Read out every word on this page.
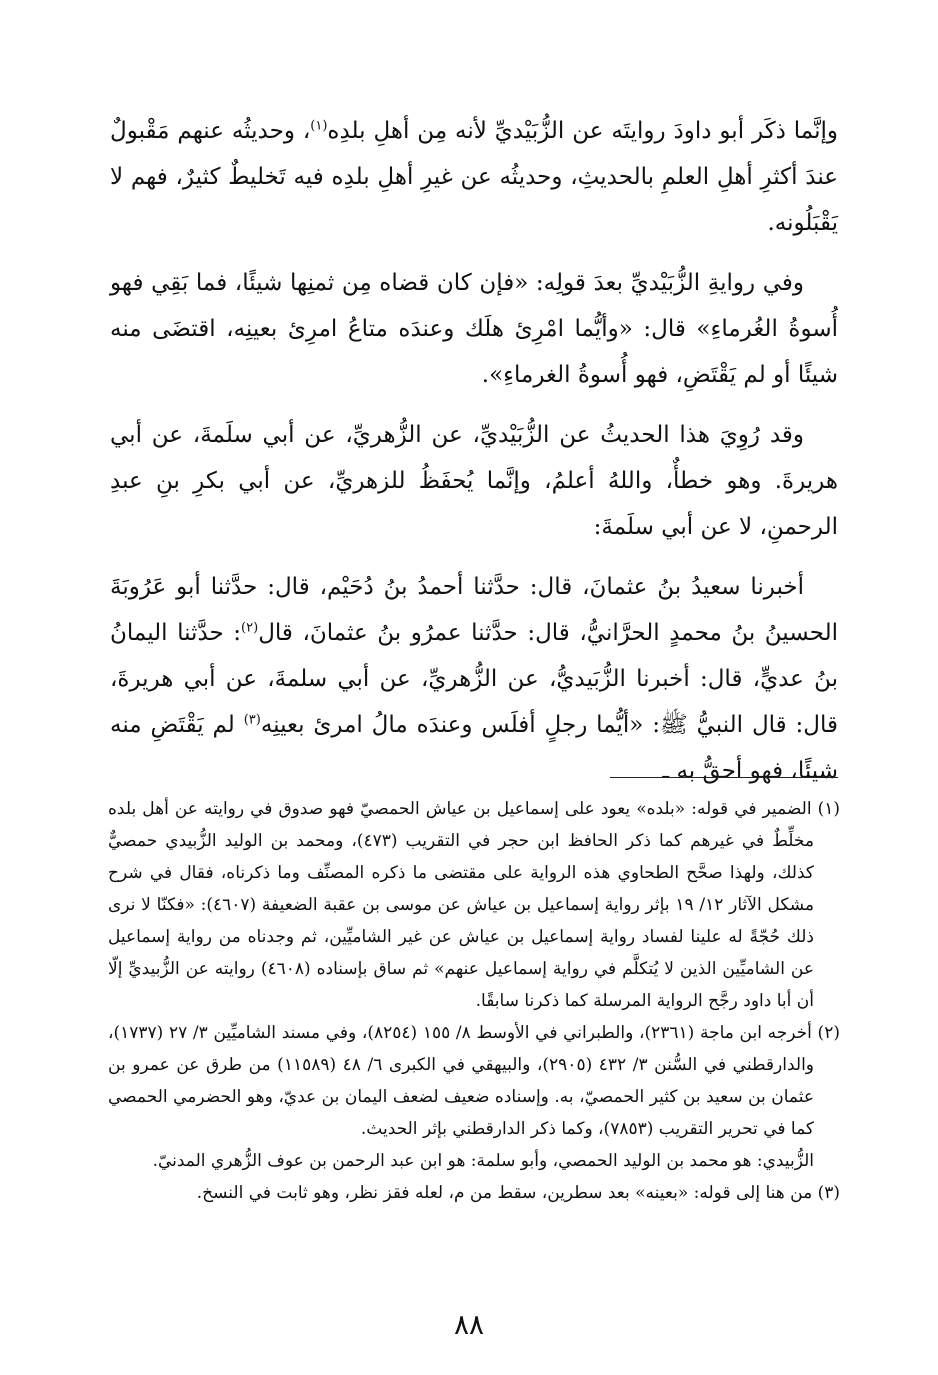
وإنَّما ذكَر أبو داودَ روايتَه عن الزُّبَيْديِّ لأنه مِن أهلِ بلدِه$^{(١)}$، وحديثُه عنهم مَقْبولٌ عندَ أكثرِ أهلِ العلمِ بالحديثِ، وحديثُه عن غيرِ أهلِ بلدِه فيه تَخليطٌ كثيرٌ، فهم لا يَقْبَلُونه.

وفي روايةِ الزُّبَيْديِّ بعدَ قولِه: «فإن كان قضاه مِن ثمنِها شيئًا، فما بَقِي فهو أُسوةُ الغُرماءِ» قال: «وأيُّما امْرِئ هلَك وعندَه متاعُ امرِئ بعينِه، اقتضَى منه شيئًا أو لم يَقْتَضِ، فهو أُسوةُ الغرماءِ».

وقد رُوِيَ هذا الحديثُ عن الزُّبَيْديِّ، عن الزُّهريِّ، عن أبي سلَمةَ، عن أبي هريرةَ. وهو خطأٌ، واللهُ أعلمُ، وإنَّما يُحفَظُ للزهريِّ، عن أبي بكرِ بنِ عبدِ الرحمنِ، لا عن أبي سلَمةَ:

أخبرنا سعيدُ بنُ عثمانَ، قال: حدَّثنا أحمدُ بنُ دُحَيْم، قال: حدَّثنا أبو عَرُوبَةَ الحسينُ بنُ محمدٍ الحرَّانيُّ، قال: حدَّثنا عمرُو بنُ عثمانَ، قال$^{(٢)}$: حدَّثنا اليمانُ بنُ عديٍّ، قال: أخبرنا الزُّبَيديُّ، عن الزُّهريِّ، عن أبي سلمةَ، عن أبي هريرةَ، قال: قال النبيُّ ﷺ: «أيُّما رجلٍ أفلَس وعندَه مالُ امرئ بعينِه$^{(٣)}$ لم يَقْتَضِ منه شيئًا، فهو أحقُّ به ـ

(١) الضمير في قوله: «بلده» يعود على إسماعيل بن عياش الحمصيّ فهو صدوق في روايته عن أهل بلده مخلِّطٌ في غيرهم كما ذكر الحافظ ابن حجر في التقريب (٤٧٣)، ومحمد بن الوليد الزُّبيدي حمصيٌّ كذلك، ولهذا صحَّح الطحاوي هذه الرواية على مقتضى ما ذكره المصنِّف وما ذكرناه، فقال في شرح مشكل الآثار ١٢/ ١٩ بإثر رواية إسماعيل بن عياش عن موسى بن عقبة الضعيفة (٤٦٠٧): «فكنّا لا نرى ذلك حُجّةً له علينا لفساد رواية إسماعيل بن عياش عن غير الشاميِّين، ثم وجدناه من رواية إسماعيل عن الشاميِّين الذين لا يُتكلَّم في رواية إسماعيل عنهم» ثم ساق بإسناده (٤٦٠٨) روايته عن الزُّبيديِّ إلّا أن أبا داود رجَّح الرواية المرسلة كما ذكرنا سابقًا.

(٢) أخرجه ابن ماجة (٢٣٦١)، والطبراني في الأوسط ٨/ ١٥٥ (٨٢٥٤)، وفي مسند الشاميِّين ٣/ ٢٧ (١٧٣٧)، والدارقطني في السُّنن ٣/ ٤٣٢ (٢٩٠٥)، والبيهقي في الكبرى ٦/ ٤٨ (١١٥٨٩) من طرق عن عمرو بن عثمان بن سعيد بن كثير الحمصيّ، به. وإسناده ضعيف لضعف اليمان بن عديّ، وهو الحضرمي الحمصي كما في تحرير التقريب (٧٨٥٣)، وكما ذكر الدارقطني بإثر الحديث.

الزُّبيدي: هو محمد بن الوليد الحمصي، وأبو سلمة: هو ابن عبد الرحمن بن عوف الزُّهري المدنيّ.

(٣) من هنا إلى قوله: «بعينه» بعد سطرين، سقط من م، لعله فقز نظر، وهو ثابت في النسخ.

٨٨
